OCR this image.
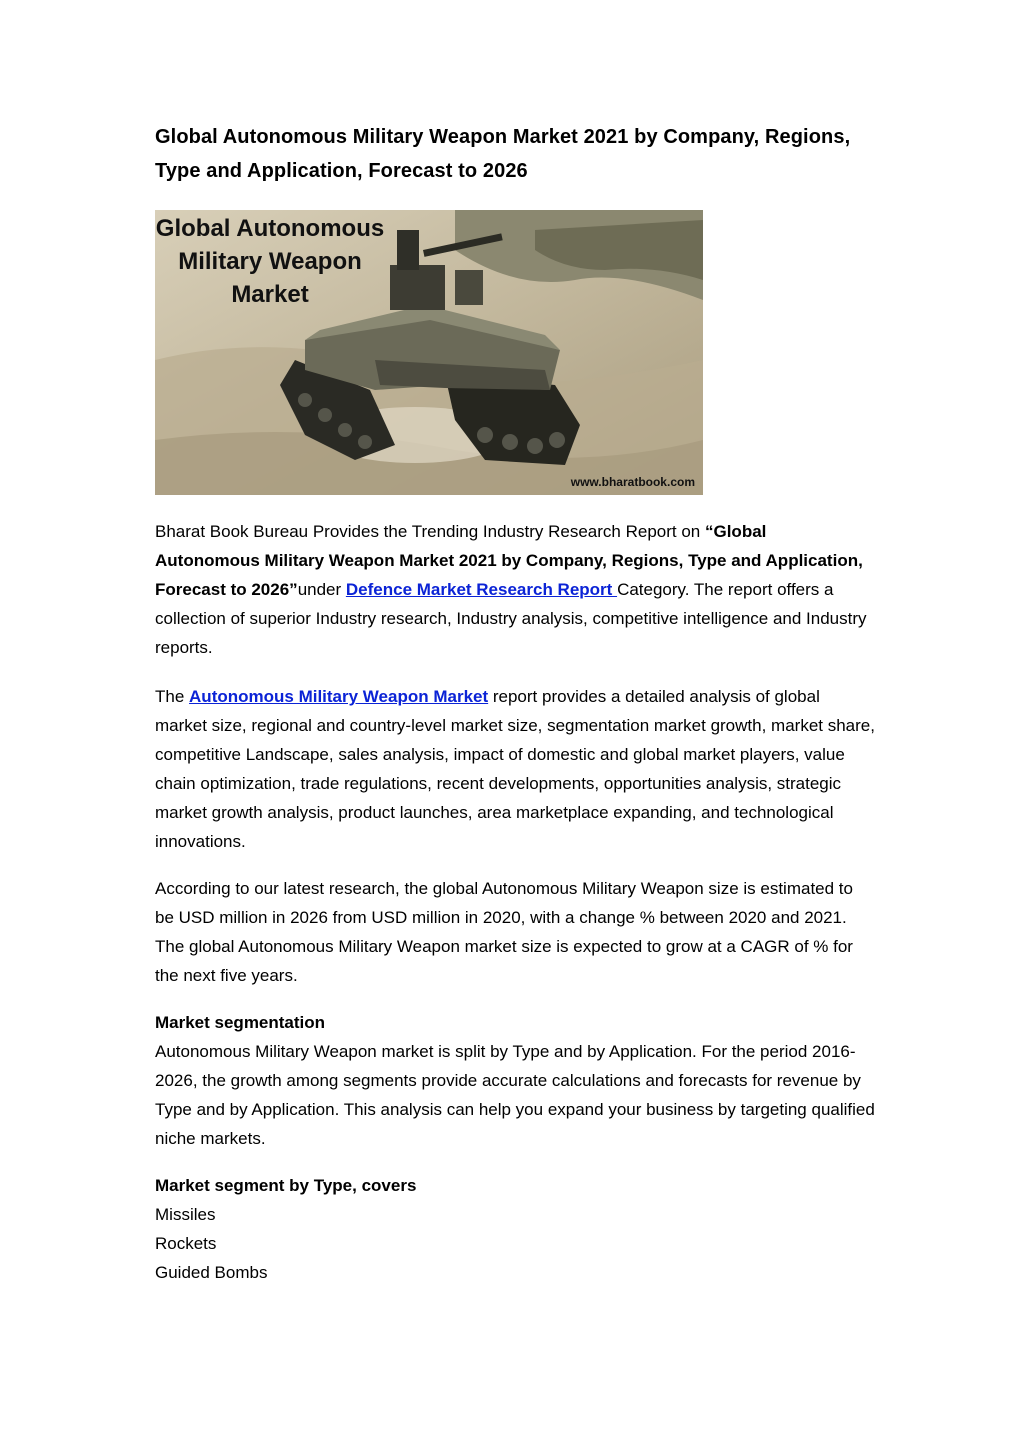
Global Autonomous Military Weapon Market 2021 by Company, Regions, Type and Application, Forecast to 2026
Global Autonomous
Military Weapon
Market
www.bharatbook.com

Bharat Book Bureau Provides the Trending Industry Research Report on “Global Autonomous Military Weapon Market 2021 by Company, Regions, Type and Application, Forecast to 2026”under Defence Market Research Report Category. The report offers a collection of superior Industry research, Industry analysis, competitive intelligence and Industry reports.

The Autonomous Military Weapon Market report provides a detailed analysis of global market size, regional and country-level market size, segmentation market growth, market share, competitive Landscape, sales analysis, impact of domestic and global market players, value chain optimization, trade regulations, recent developments, opportunities analysis, strategic market growth analysis, product launches, area marketplace expanding, and technological innovations.

According to our latest research, the global Autonomous Military Weapon size is estimated to be USD million in 2026 from USD million in 2020, with a change % between 2020 and 2021. The global Autonomous Military Weapon market size is expected to grow at a CAGR of % for the next five years.

Market segmentation
Autonomous Military Weapon market is split by Type and by Application. For the period 2016-2026, the growth among segments provide accurate calculations and forecasts for revenue by Type and by Application. This analysis can help you expand your business by targeting qualified niche markets.

Market segment by Type, covers
Missiles
Rockets
Guided Bombs
